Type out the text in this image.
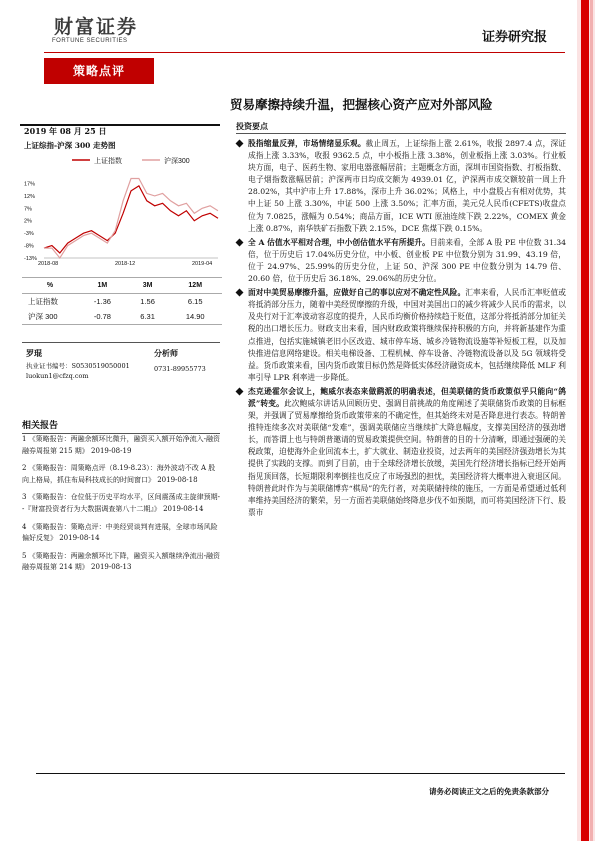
财富证券
FORTUNE SECURITIES	证券研究报
策略点评
贸易摩擦持续升温，把握核心资产应对外部风险
2019 年 08 月 25 日
上证综指-沪深 300 走势图
上证指数	沪深300
17%
12%
7%
2%
-3%
-8%
-13%
2018-08	2018-12	2019-04
%	1M	3M	12M
上证指数	-1.36	1.56	6.15
沪深 300	-0.78	6.31	14.90
罗琨
执业证书编号：S0530519050001
luokun1@cfzq.com
分析师
0731-89955773
相关报告
1 《策略报告：两融余额环比微升，融资买入额开始净流入-融资融券周报第 215 期》 2019-08-19
2 《策略报告：周策略点评（8.19-8.23）：海外波动不改 A 股向上格局，抓住布局科技成长的时间窗口》 2019-08-18
3 《策略报告：仓位低于历史平均水平，区间震荡成主旋律预期--『财富投资者行为大数据调查第八十二期』》 2019-08-14
4 《策略报告：策略点评：中美经贸谈判有进展，全球市场风险偏好反复》 2019-08-14
5 《策略报告：两融余额环比下降，融资买入额继续净流出-融资融券周报第 214 期》 2019-08-13
投资要点
股指缩量反弹，市场情绪显乐观。截止周五，上证综指上涨 2.61%，收报 2897.4 点，深证成指上涨 3.33%，收报 9362.5 点，中小板指上涨 3.38%，创业板指上涨 3.03%。行业板块方面，电子、医药生物、家用电器涨幅居前；主题概念方面，深圳市国资指数、打板指数、电子烟指数涨幅居前；沪深两市日均成交额为 4939.01 亿，沪深两市成交额较前一周上升 28.02%，其中沪市上升 17.88%，深市上升 36.02%；风格上，中小盘股占有相对优势，其中上证 50 上涨 3.30%，中证 500 上涨 3.50%；汇率方面，美元兑人民币(CFETS)收盘点位为 7.0825，涨幅为 0.54%；商品方面，ICE WTI 原油连续下跌 2.22%，COMEX 黄金上涨 0.87%，南华铁矿石指数下跌 2.15%，DCE 焦煤下跌 0.15%。
全 A 估值水平相对合理，中小创估值水平有所提升。目前来看，全部 A 股 PE 中位数 31.34 倍，位于历史后 17.04%历史分位，中小板、创业板 PE 中位数分别为 31.99、43.19 倍，位于 24.97%、25.99%的历史分位，上证 50、沪深 300 PE 中位数分别为 14.79 倍、20.60 倍，位于历史后 36.18%、29.06%的历史分位。
面对中美贸易摩擦升温，应做好自己的事以应对不确定性风险。汇率来看，人民币汇率贬值或将抵消部分压力，随着中美经贸摩擦的升级，中国对美国出口的减少将减少人民币的需求，以及央行对于汇率波动容忍度的提升，人民币均衡价格持续趋于贬值，这部分将抵消部分加征关税的出口增长压力。财政支出来看，国内财政政策将继续保持积极的方向，并将新基建作为重点推进，包括实施城镇老旧小区改造、城市停车场、城乡冷链物流设施等补短板工程，以及加快推进信息网络建设。相关电梯设备、工程机械、停车设备、冷链物流设备以及 5G 领域将受益。货币政策来看，国内货币政策目标仍然是降低实体经济融资成本，包括继续降低 MLF 利率引导 LPR 利率进一步降低。
杰克逊霍尔会议上，鲍威尔表态来做鹞派的明确表述，但美联储的货币政策似乎只能向“鸽派”转变。此次鲍威尔讲话从回顾历史、强调目前挑战的角度阐述了美联储货币政策的目标框架，并强调了贸易摩擦给货币政策带来的不确定性，但其始终未对是否降息进行表态。特朗普推特连续多次对美联储“发难”，强调美联储应当继续扩大降息幅度，支撑美国经济的强劲增长，而答谓上也与特朗普邀请的贸易政策提供空间。特朗普的目的十分清晰，即通过强硬的关税政策，迫使海外企业回流本土，扩大就业、制造业投资，过去两年的美国经济强劲增长为其提供了实践的支撑。而到了目前，由于全球经济增长放缓，美国先行经济增长指标已经开始两指见顶回落，长短期限利率倒挂也反应了市场强烈的担忧，美国经济将大概率进入衰退区间。特朗普此时作为与美联储博弈“棋局”的先行者，对美联储持续的施压，一方面是希望通过低利率维持美国经济的繁荣，另一方面若美联储始终降息步伐不如预期，而可将美国经济下行、股票市
请务必阅读正文之后的免责条款部分
